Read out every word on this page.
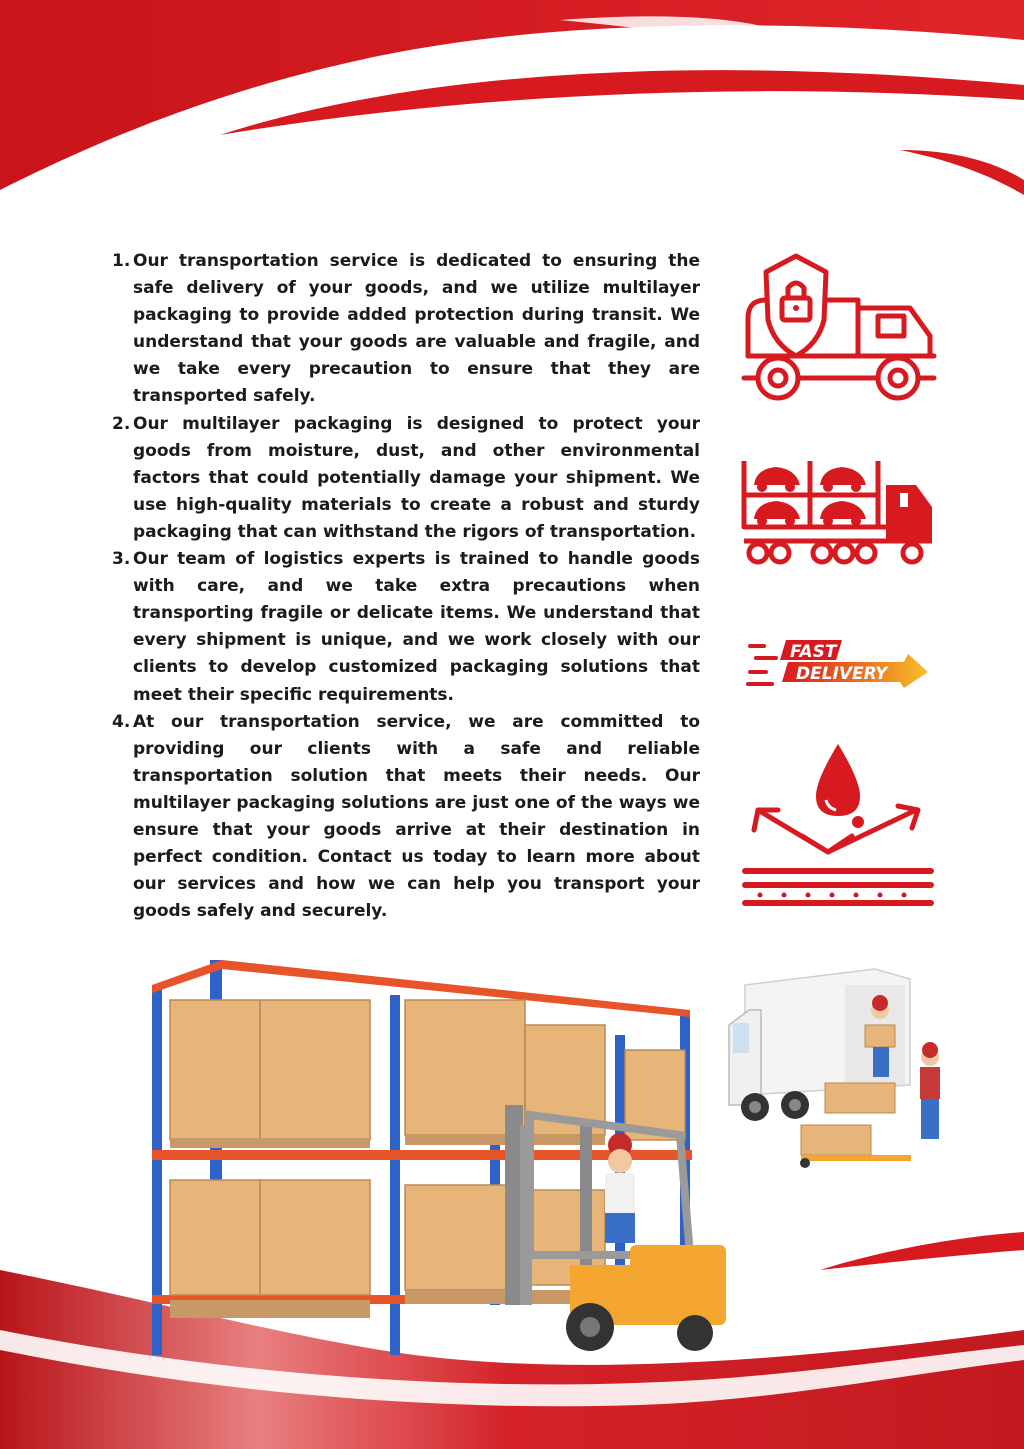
1. Our transportation service is dedicated to ensuring the safe delivery of your goods, and we utilize multilayer packaging to provide added protection during transit. We understand that your goods are valuable and fragile, and we take every precaution to ensure that they are transported safely.
2. Our multilayer packaging is designed to protect your goods from moisture, dust, and other environmental factors that could potentially damage your shipment. We use high-quality materials to create a robust and sturdy packaging that can withstand the rigors of transportation.
3. Our team of logistics experts is trained to handle goods with care, and we take extra precautions when transporting fragile or delicate items. We understand that every shipment is unique, and we work closely with our clients to develop customized packaging solutions that meet their specific requirements.
4. At our transportation service, we are committed to providing our clients with a safe and reliable transportation solution that meets their needs. Our multilayer packaging solutions are just one of the ways we ensure that your goods arrive at their destination in perfect condition. Contact us today to learn more about our services and how we can help you transport your goods safely and securely.
FAST
DELIVERY
